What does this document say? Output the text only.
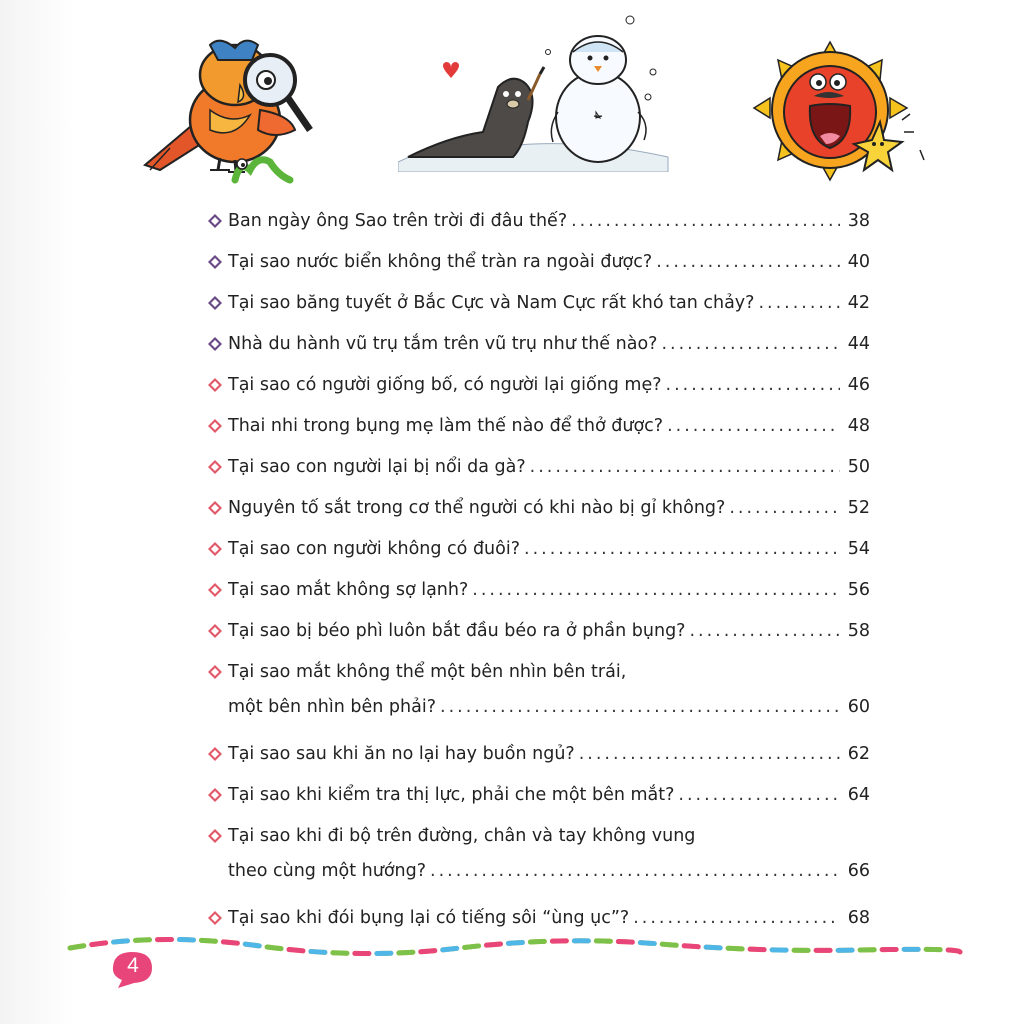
Ban ngày ông Sao trên trời đi đâu thế? .....	38
Tại sao nước biển không thể tràn ra ngoài được? .....	40
Tại sao băng tuyết ở Bắc Cực và Nam Cực rất khó tan chảy? .....	42
Nhà du hành vũ trụ tắm trên vũ trụ như thế nào? .....	44
Tại sao có người giống bố, có người lại giống mẹ? .....	46
Thai nhi trong bụng mẹ làm thế nào để thở được? .....	48
Tại sao con người lại bị nổi da gà? .....	50
Nguyên tố sắt trong cơ thể người có khi nào bị gỉ không? .....	52
Tại sao con người không có đuôi? .....	54
Tại sao mắt không sợ lạnh? .....	56
Tại sao bị béo phì luôn bắt đầu béo ra ở phần bụng? .....	58
Tại sao mắt không thể một bên nhìn bên trái,
một bên nhìn bên phải? .....	60
Tại sao sau khi ăn no lại hay buồn ngủ? .....	62
Tại sao khi kiểm tra thị lực, phải che một bên mắt? .....	64
Tại sao khi đi bộ trên đường, chân và tay không vung
theo cùng một hướng? .....	66
Tại sao khi đói bụng lại có tiếng sôi “ùng ục”? .....	68
4
